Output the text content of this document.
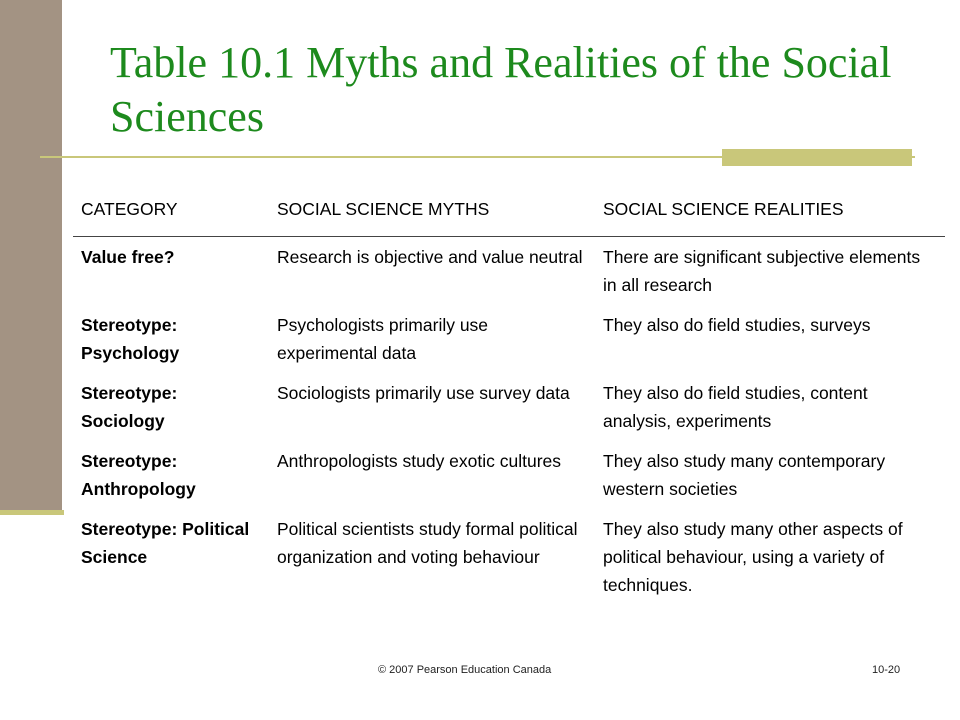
Table 10.1 Myths and Realities of the Social Sciences
CATEGORY	SOCIAL SCIENCE MYTHS	SOCIAL SCIENCE REALITIES
Value free?	Research is objective and value neutral	There are significant subjective elements in all research
Stereotype: Psychology	Psychologists primarily use experimental data	They also do field studies, surveys
Stereotype: Sociology	Sociologists primarily use survey data	They also do field studies, content analysis, experiments
Stereotype: Anthropology	Anthropologists study exotic cultures	They also study many contemporary western societies
Stereotype: Political Science	Political scientists study formal political organization and voting behaviour	They also study many other aspects of political behaviour, using a variety of techniques.
© 2007 Pearson Education Canada	10-20
